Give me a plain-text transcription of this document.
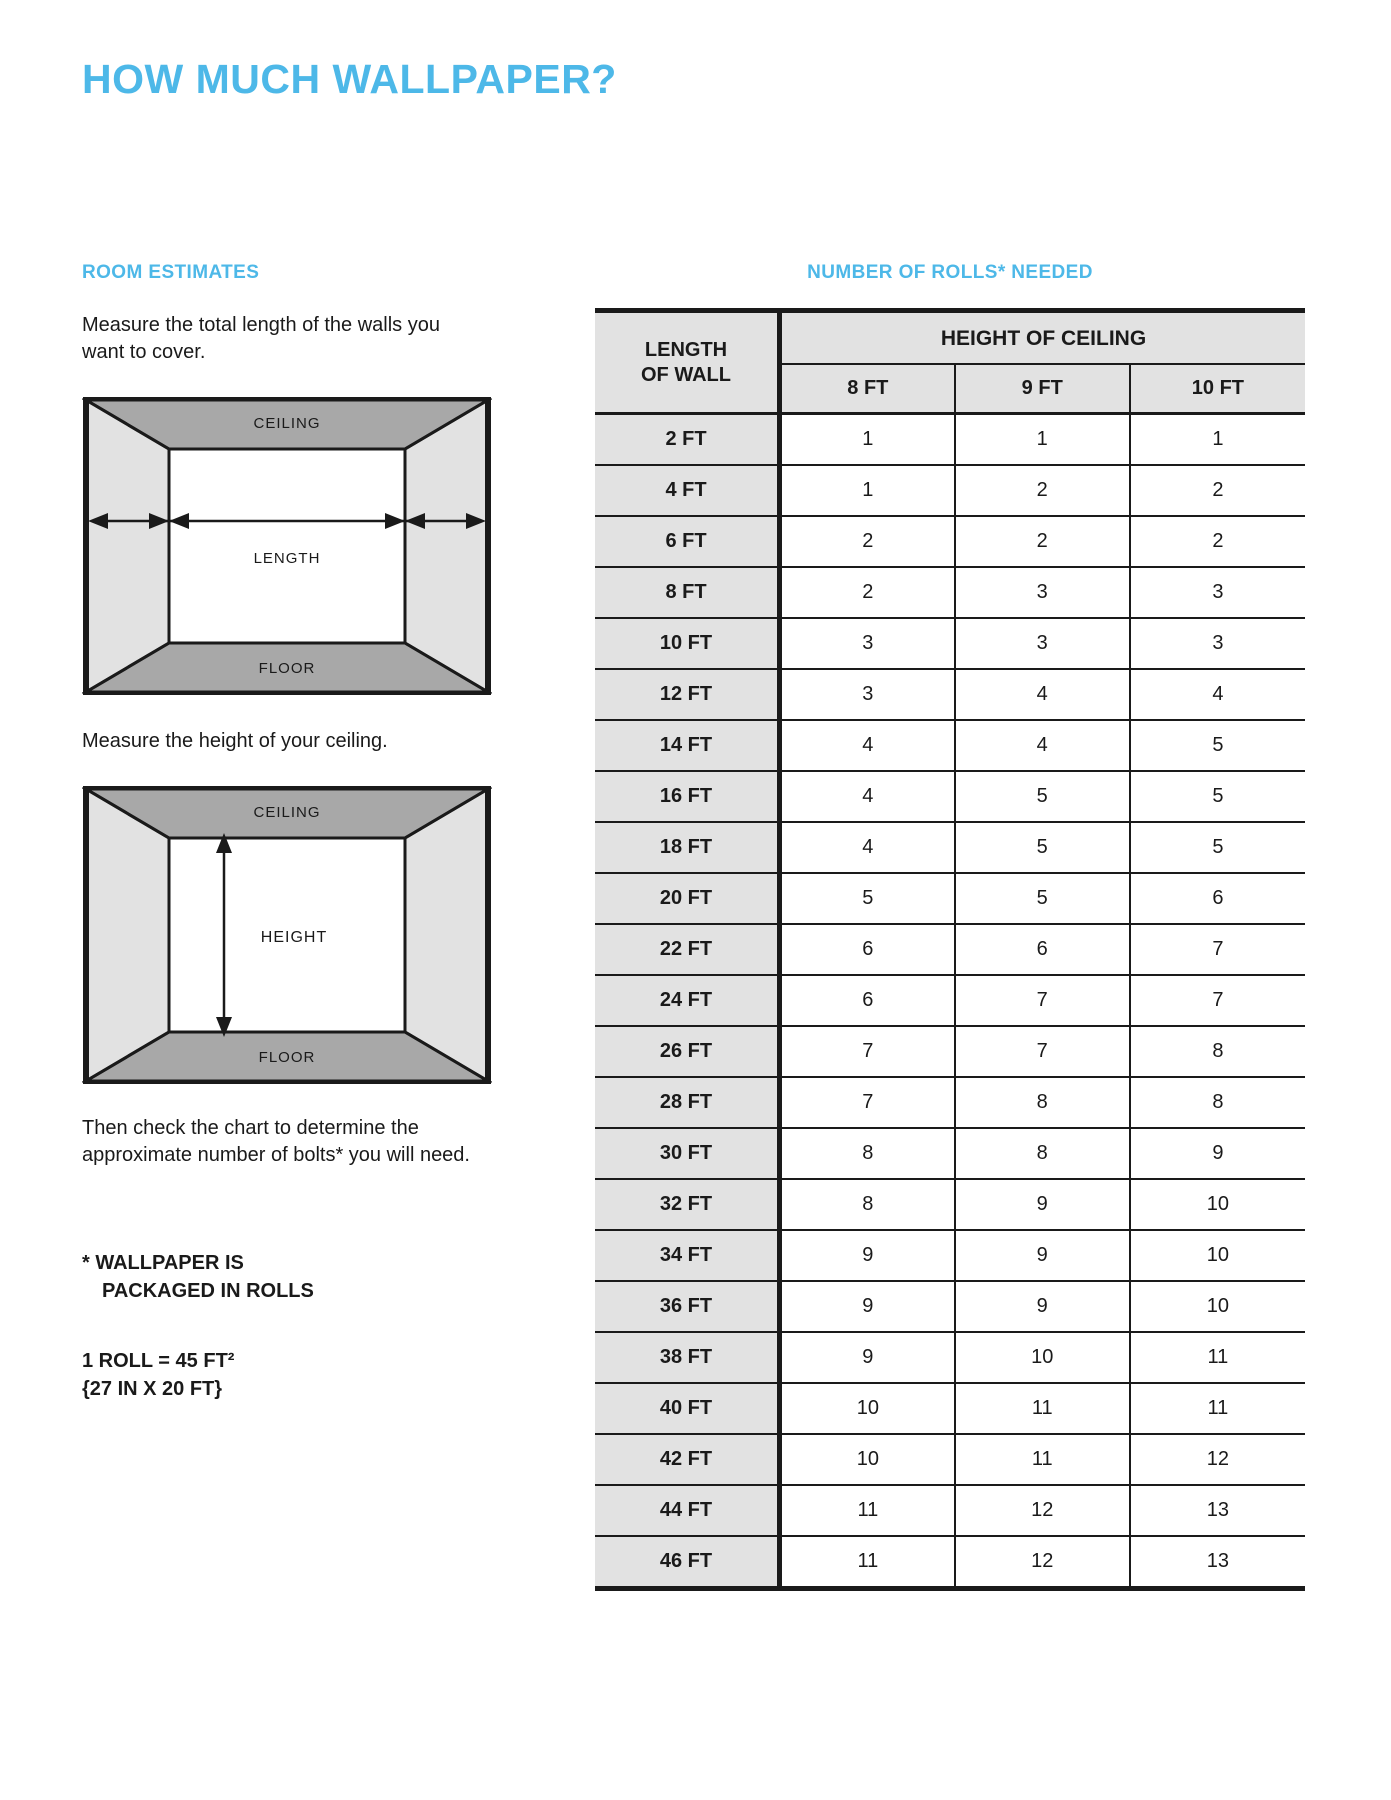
HOW MUCH WALLPAPER?
ROOM ESTIMATES

Measure the total length of the walls you want to cover.

CEILING
FLOOR
LENGTH

Measure the height of your ceiling.

CEILING
FLOOR
HEIGHT

Then check the chart to determine the approximate number of bolts* you will need.

* WALLPAPER IS
PACKAGED IN ROLLS

1 ROLL = 45 FT²
{27 IN X 20 FT}

NUMBER OF ROLLS* NEEDED
LENGTH
OF WALL	HEIGHT OF CEILING		
	8 FT	9 FT	10 FT
2 FT	1	1	1
4 FT	1	2	2
6 FT	2	2	2
8 FT	2	3	3
10 FT	3	3	3
12 FT	3	4	4
14 FT	4	4	5
16 FT	4	5	5
18 FT	4	5	5
20 FT	5	5	6
22 FT	6	6	7
24 FT	6	7	7
26 FT	7	7	8
28 FT	7	8	8
30 FT	8	8	9
32 FT	8	9	10
34 FT	9	9	10
36 FT	9	9	10
38 FT	9	10	11
40 FT	10	11	11
42 FT	10	11	12
44 FT	11	12	13
46 FT	11	12	13
